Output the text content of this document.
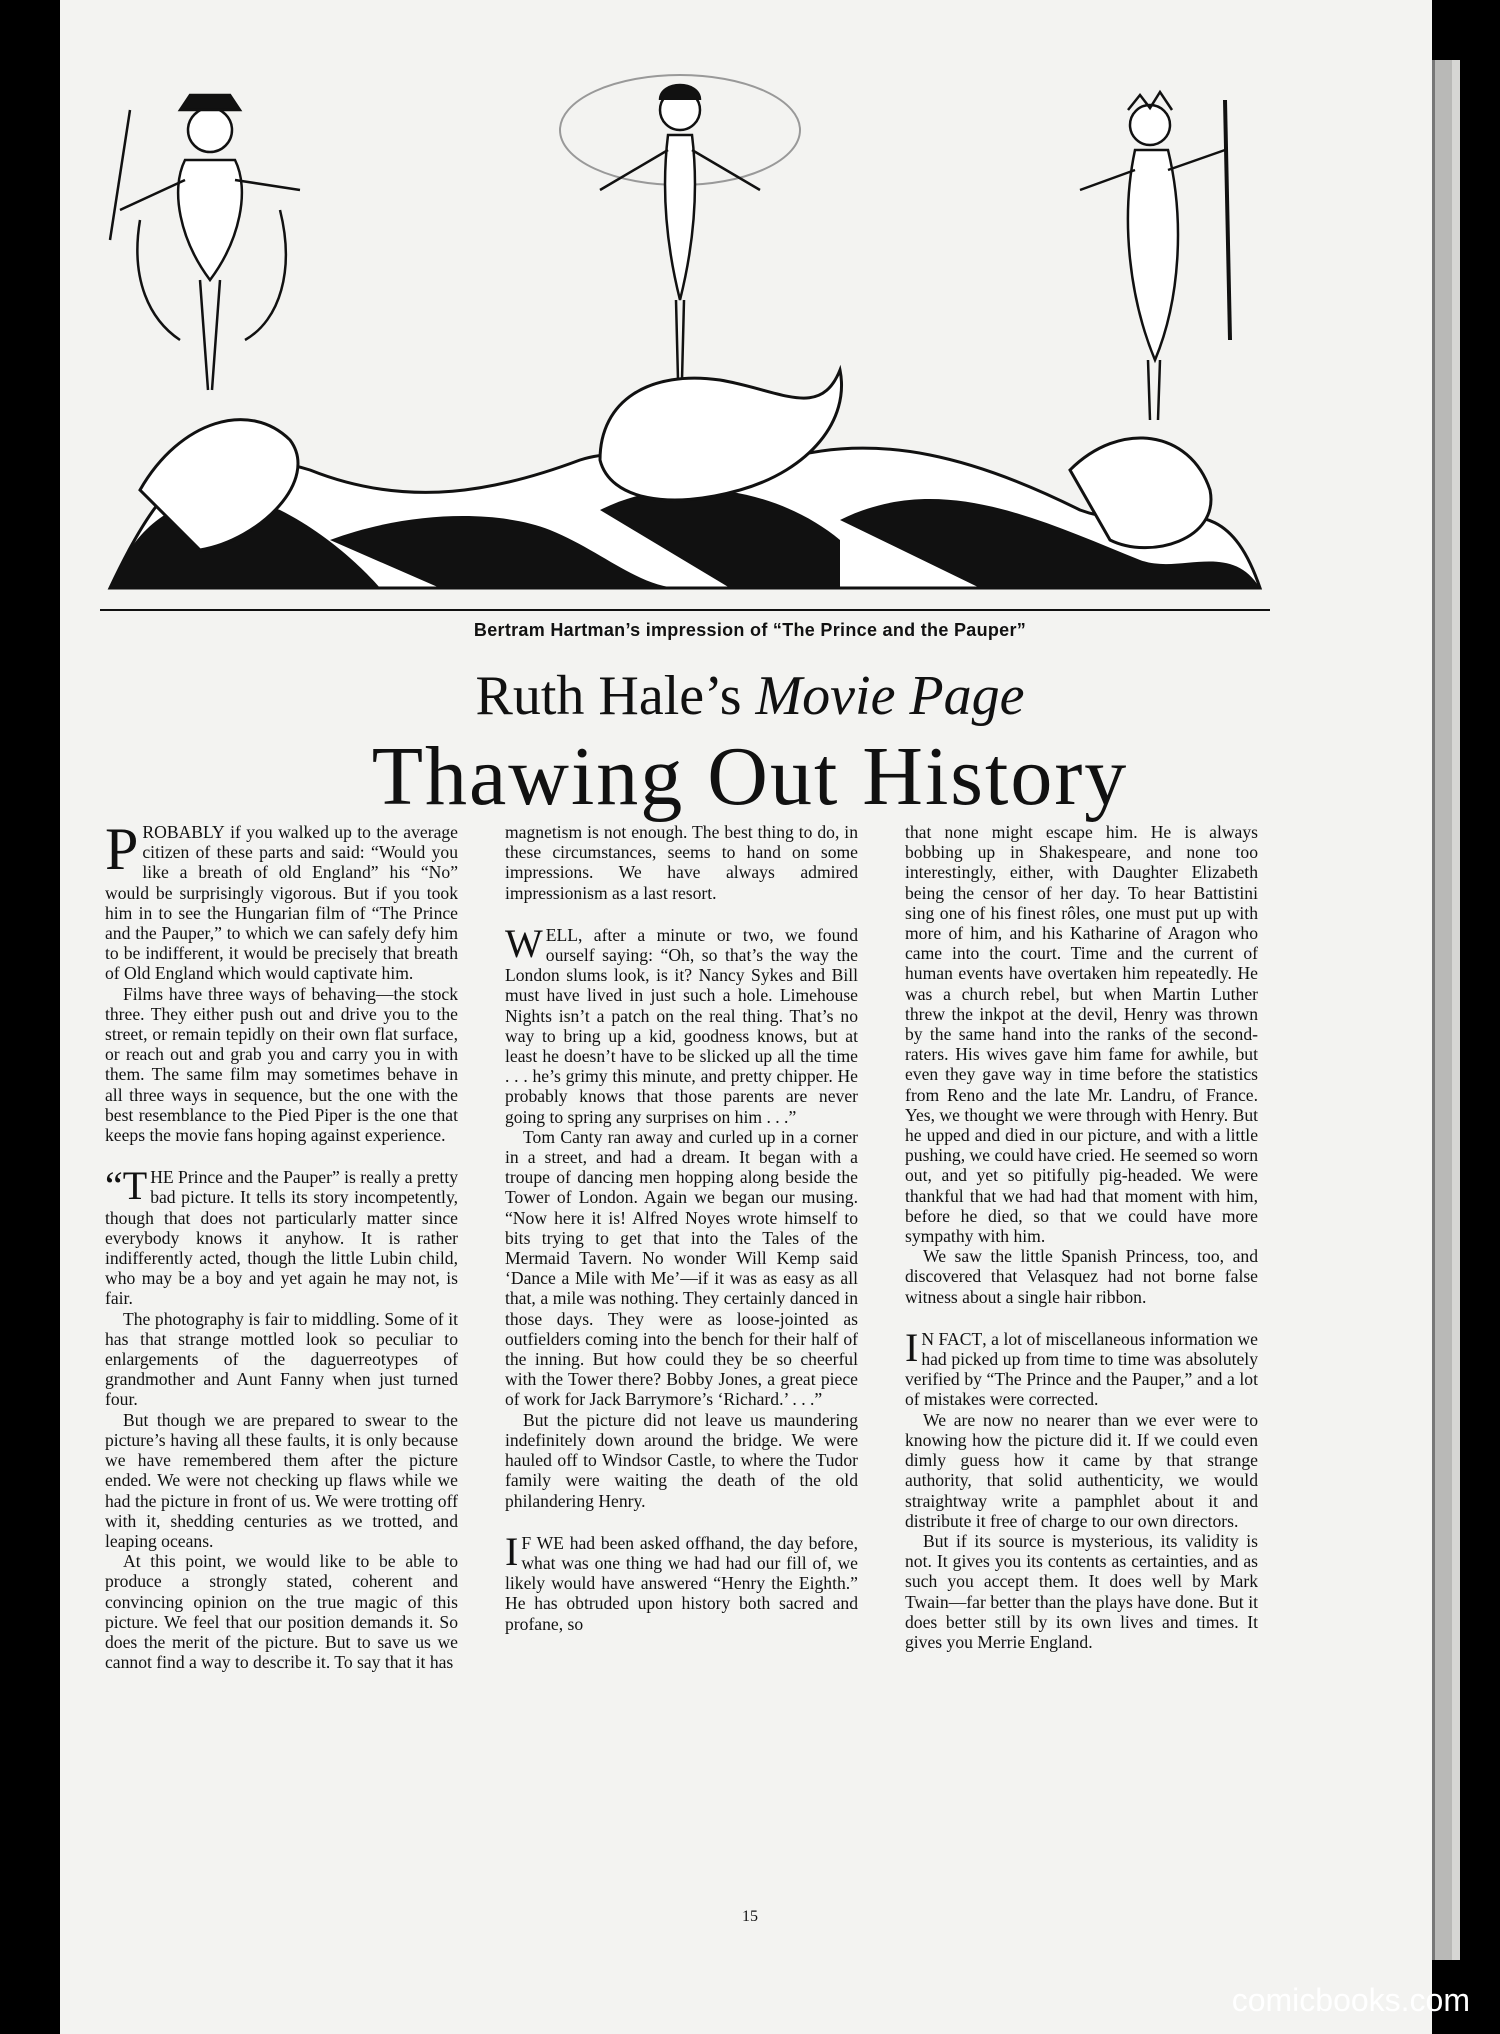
Bertram Hartman’s impression of “The Prince and the Pauper”
Ruth Hale’s Movie Page
Thawing Out History

PROBABLY if you walked up to the average citizen of these parts and said: “Would you like a breath of old England” his “No” would be surprisingly vigorous. But if you took him in to see the Hungarian film of “The Prince and the Pauper,” to which we can safely defy him to be indifferent, it would be precisely that breath of Old England which would captivate him.

Films have three ways of behaving—the stock three. They either push out and drive you to the street, or remain tepidly on their own flat surface, or reach out and grab you and carry you in with them. The same film may sometimes behave in all three ways in sequence, but the one with the best resemblance to the Pied Piper is the one that keeps the movie fans hoping against experience.

“THE Prince and the Pauper” is really a pretty bad picture. It tells its story incompetently, though that does not particularly matter since everybody knows it anyhow. It is rather indifferently acted, though the little Lubin child, who may be a boy and yet again he may not, is fair.

The photography is fair to middling. Some of it has that strange mottled look so peculiar to enlargements of the daguerreotypes of grandmother and Aunt Fanny when just turned four.

But though we are prepared to swear to the picture’s having all these faults, it is only because we have remembered them after the picture ended. We were not checking up flaws while we had the picture in front of us. We were trotting off with it, shedding centuries as we trotted, and leaping oceans.

At this point, we would like to be able to produce a strongly stated, coherent and convincing opinion on the true magic of this picture. We feel that our position demands it. So does the merit of the picture. But to save us we cannot find a way to describe it. To say that it has

magnetism is not enough. The best thing to do, in these circumstances, seems to hand on some impressions. We have always admired impressionism as a last resort.

WELL, after a minute or two, we found ourself saying: “Oh, so that’s the way the London slums look, is it? Nancy Sykes and Bill must have lived in just such a hole. Limehouse Nights isn’t a patch on the real thing. That’s no way to bring up a kid, goodness knows, but at least he doesn’t have to be slicked up all the time . . . he’s grimy this minute, and pretty chipper. He probably knows that those parents are never going to spring any surprises on him . . .”

Tom Canty ran away and curled up in a corner in a street, and had a dream. It began with a troupe of dancing men hopping along beside the Tower of London. Again we began our musing. “Now here it is! Alfred Noyes wrote himself to bits trying to get that into the Tales of the Mermaid Tavern. No wonder Will Kemp said ‘Dance a Mile with Me’—if it was as easy as all that, a mile was nothing. They certainly danced in those days. They were as loose-jointed as outfielders coming into the bench for their half of the inning. But how could they be so cheerful with the Tower there? Bobby Jones, a great piece of work for Jack Barrymore’s ‘Richard.’ . . .”

But the picture did not leave us maundering indefinitely down around the bridge. We were hauled off to Windsor Castle, to where the Tudor family were waiting the death of the old philandering Henry.

I F WE had been asked offhand, the day before, what was one thing we had had our fill of, we likely would have answered “Henry the Eighth.” He has obtruded upon history both sacred and profane, so

that none might escape him. He is always bobbing up in Shakespeare, and none too interestingly, either, with Daughter Elizabeth being the censor of her day. To hear Battistini sing one of his finest rôles, one must put up with more of him, and his Katharine of Aragon who came into the court. Time and the current of human events have overtaken him repeatedly. He was a church rebel, but when Martin Luther threw the inkpot at the devil, Henry was thrown by the same hand into the ranks of the second-raters. His wives gave him fame for awhile, but even they gave way in time before the statistics from Reno and the late Mr. Landru, of France. Yes, we thought we were through with Henry. But he upped and died in our picture, and with a little pushing, we could have cried. He seemed so worn out, and yet so pitifully pig-headed. We were thankful that we had had that moment with him, before he died, so that we could have more sympathy with him.

We saw the little Spanish Princess, too, and discovered that Velasquez had not borne false witness about a single hair ribbon.

I N FACT, a lot of miscellaneous information we had picked up from time to time was absolutely verified by “The Prince and the Pauper,” and a lot of mistakes were corrected.

We are now no nearer than we ever were to knowing how the picture did it. If we could even dimly guess how it came by that strange authority, that solid authenticity, we would straightway write a pamphlet about it and distribute it free of charge to our own directors.

But if its source is mysterious, its validity is not. It gives you its contents as certainties, and as such you accept them. It does well by Mark Twain—far better than the plays have done. But it does better still by its own lives and times. It gives you Merrie England.

15
comicbooks.com
